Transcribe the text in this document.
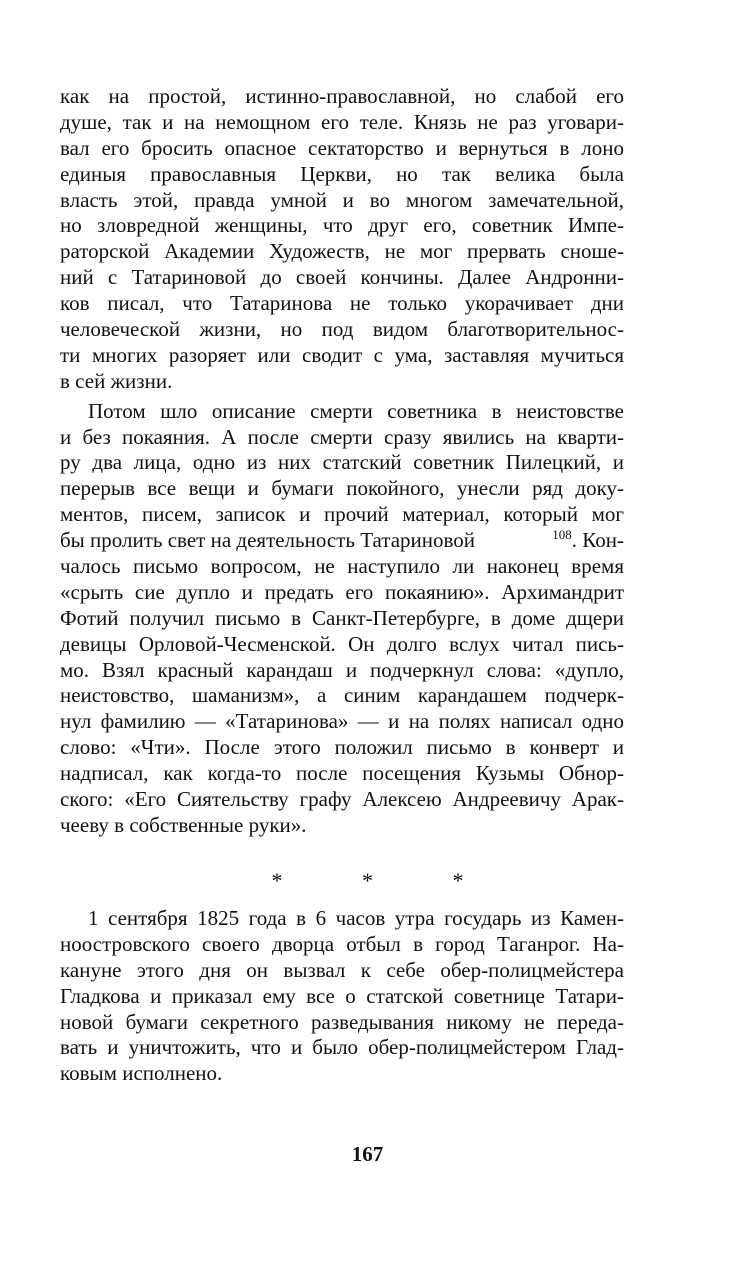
как на простой, истинно-православной, но слабой его
душе, так и на немощном его теле. Князь не раз уговари-
вал его бросить опасное сектаторство и вернуться в лоно
единыя православныя Церкви, но так велика была
власть этой, правда умной и во многом замечательной,
но зловредной женщины, что друг его, советник Импе-
раторской Академии Художеств, не мог прервать сноше-
ний с Татариновой до своей кончины. Далее Андронни-
ков писал, что Татаринова не только укорачивает дни
человеческой жизни, но под видом благотворительнос-
ти многих разоряет или сводит с ума, заставляя мучиться
в сей жизни.
Потом шло описание смерти советника в неистовстве
и без покаяния. А после смерти сразу явились на кварти-
ру два лица, одно из них статский советник Пилецкий, и
перерыв все вещи и бумаги покойного, унесли ряд доку-
ментов, писем, записок и прочий материал, который мог
бы пролить свет на деятельность Татариновой	$^{108}$. Кон-
чалось письмо вопросом, не наступило ли наконец время
«срыть сие дупло и предать его покаянию». Архимандрит
Фотий получил письмо в Санкт-Петербурге, в доме дщери
девицы Орловой-Чесменской. Он долго вслух читал пись-
мо. Взял красный карандаш и подчеркнул слова: «дупло,
неистовство, шаманизм», а синим карандашем подчерк-
нул фамилию — «Татаринова» — и на полях написал одно
слово: «Чти». После этого положил письмо в конверт и
надписал, как когда-то после посещения Кузьмы Обнор-
ского: «Его Сиятельству графу Алексею Андреевичу Арак-
чееву в собственные руки».
*	*	*
1 сентября 1825 года в 6 часов утра государь из Камен-
ноостровского своего дворца отбыл в город Таганрог. На-
кануне этого дня он вызвал к себе обер-полицмейстера
Гладкова и приказал ему все о статской советнице Татари-
новой бумаги секретного разведывания никому не переда-
вать и уничтожить, что и было обер-полицмейстером Глад-
ковым исполнено.
167
